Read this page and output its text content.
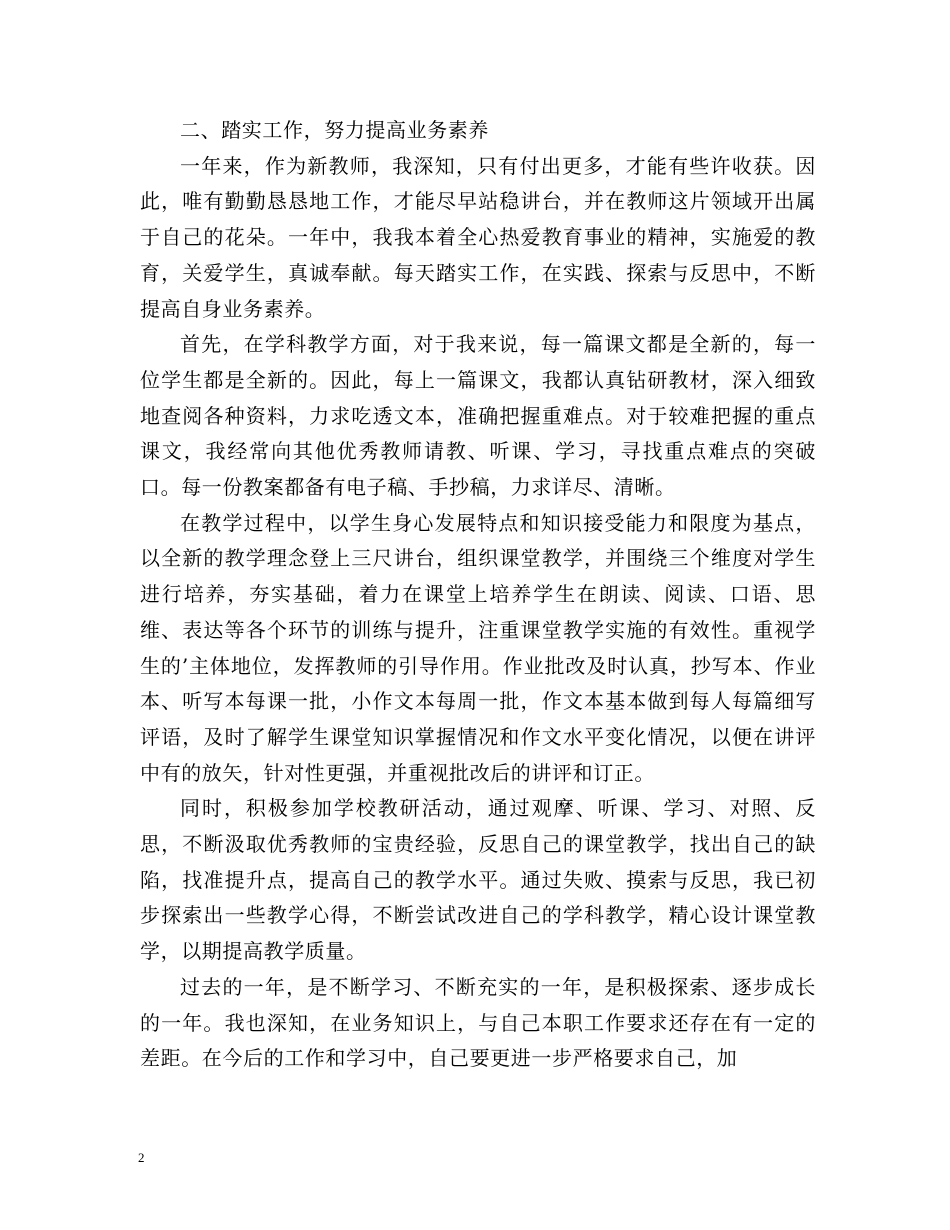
二、踏实工作，努力提高业务素养

一年来，作为新教师，我深知，只有付出更多，才能有些许收获。因此，唯有勤勤恳恳地工作，才能尽早站稳讲台，并在教师这片领域开出属于自己的花朵。一年中，我我本着全心热爱教育事业的精神，实施爱的教育，关爱学生，真诚奉献。每天踏实工作，在实践、探索与反思中，不断提高自身业务素养。

首先，在学科教学方面，对于我来说，每一篇课文都是全新的，每一位学生都是全新的。因此，每上一篇课文，我都认真钻研教材，深入细致地查阅各种资料，力求吃透文本，准确把握重难点。对于较难把握的重点课文，我经常向其他优秀教师请教、听课、学习，寻找重点难点的突破口。每一份教案都备有电子稿、手抄稿，力求详尽、清晰。

在教学过程中，以学生身心发展特点和知识接受能力和限度为基点，以全新的教学理念登上三尺讲台，组织课堂教学，并围绕三个维度对学生进行培养，夯实基础，着力在课堂上培养学生在朗读、阅读、口语、思维、表达等各个环节的训练与提升，注重课堂教学实施的有效性。重视学生的’主体地位，发挥教师的引导作用。作业批改及时认真，抄写本、作业本、听写本每课一批，小作文本每周一批，作文本基本做到每人每篇细写评语，及时了解学生课堂知识掌握情况和作文水平变化情况，以便在讲评中有的放矢，针对性更强，并重视批改后的讲评和订正。

同时，积极参加学校教研活动，通过观摩、听课、学习、对照、反思，不断汲取优秀教师的宝贵经验，反思自己的课堂教学，找出自己的缺陷，找准提升点，提高自己的教学水平。通过失败、摸索与反思，我已初步探索出一些教学心得，不断尝试改进自己的学科教学，精心设计课堂教学，以期提高教学质量。

过去的一年，是不断学习、不断充实的一年，是积极探索、逐步成长的一年。我也深知，在业务知识上，与自己本职工作要求还存在有一定的差距。在今后的工作和学习中，自己要更进一步严格要求自己，加

2
